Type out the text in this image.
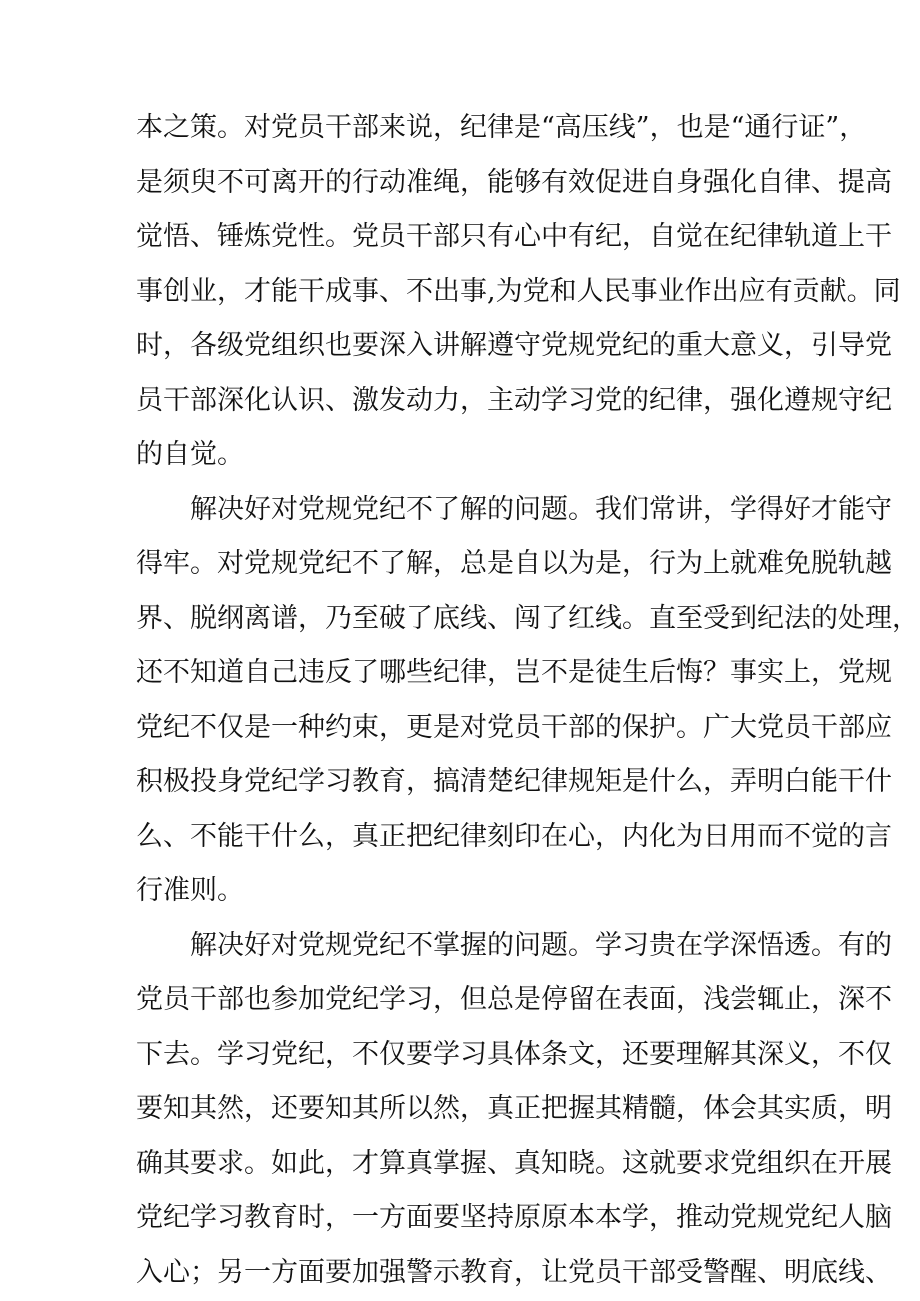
本之策。对党员干部来说，纪律是“高压线”，也是“通行证”，
是须臾不可离开的行动准绳，能够有效促进自身强化自律、提高
觉悟、锤炼党性。党员干部只有心中有纪，自觉在纪律轨道上干
事创业，才能干成事、不出事,为党和人民事业作出应有贡献。同
时，各级党组织也要深入讲解遵守党规党纪的重大意义，引导党
员干部深化认识、激发动力，主动学习党的纪律，强化遵规守纪
的自觉。
解决好对党规党纪不了解的问题。我们常讲，学得好才能守
得牢。对党规党纪不了解，总是自以为是，行为上就难免脱轨越
界、脱纲离谱，乃至破了底线、闯了红线。直至受到纪法的处理，
还不知道自己违反了哪些纪律，岂不是徒生后悔？事实上，党规
党纪不仅是一种约束，更是对党员干部的保护。广大党员干部应
积极投身党纪学习教育，搞清楚纪律规矩是什么，弄明白能干什
么、不能干什么，真正把纪律刻印在心，内化为日用而不觉的言
行准则。
解决好对党规党纪不掌握的问题。学习贵在学深悟透。有的
党员干部也参加党纪学习，但总是停留在表面，浅尝辄止，深不
下去。学习党纪，不仅要学习具体条文，还要理解其深义，不仅
要知其然，还要知其所以然，真正把握其精髓，体会其实质，明
确其要求。如此，才算真掌握、真知晓。这就要求党组织在开展
党纪学习教育时，一方面要坚持原原本本学，推动党规党纪人脑
入心；另一方面要加强警示教育，让党员干部受警醒、明底线、
